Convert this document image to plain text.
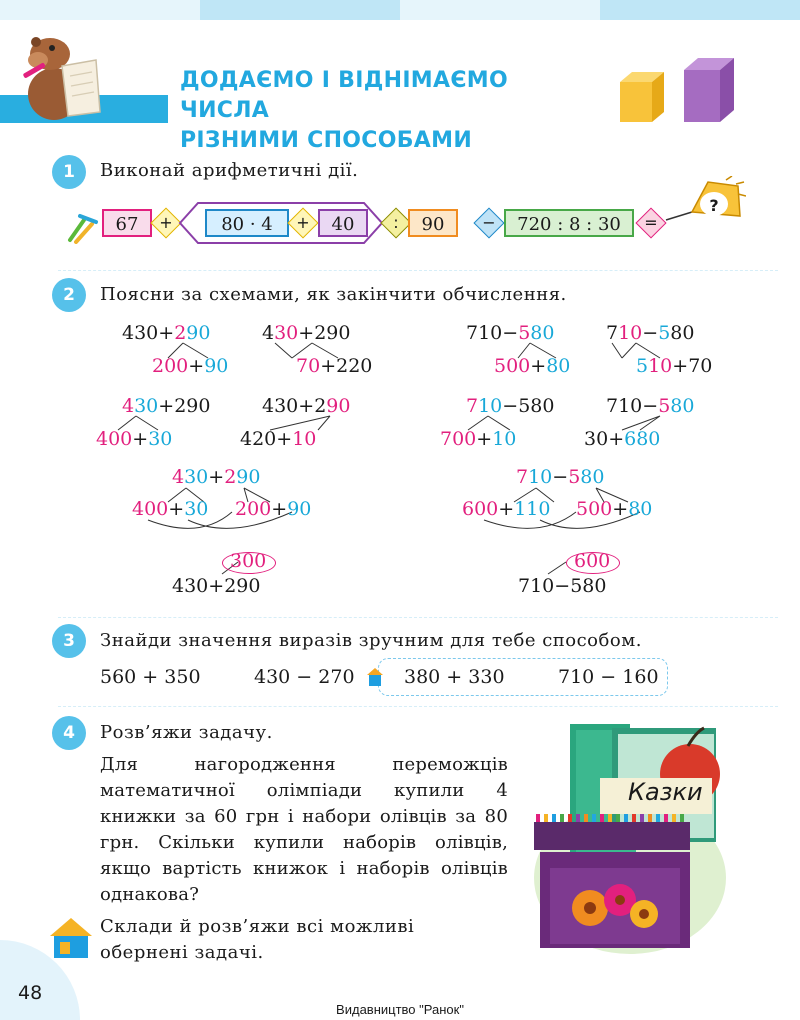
ДОДАЄМО І ВІДНІМАЄМО ЧИСЛА
РІЗНИМИ СПОСОБАМИ
1	Виконай арифметичні дії.
67	+	80 · 4	+	40	:	90	−	720 : 8 : 30	=
?
2	Поясни за схемами, як закінчити обчислення.
430+290
200+90
430+290
70+220
430+290
400+30
430+290
420+10
430+290
400+30 200+90
300
430+290
710−580
500+80
710−580
510+70
710−580
700+10
710−580
30+680
710−580
600+110 500+80
600
710−580
3	Знайди значення виразів зручним для тебе способом.
560 + 350	430 − 270	380 + 330	710 − 160
4	Розв’яжи задачу.
Для нагородження переможців математичної олімпіади купили 4 книжки за 60 грн і набори олівців за 80 грн. Скільки купили наборів олівців, якщо вартість книжок і наборів олівців однакова?
Склади й розв’яжи всі можливі
обернені задачі.
Казки
48
Видавництво "Ранок"
